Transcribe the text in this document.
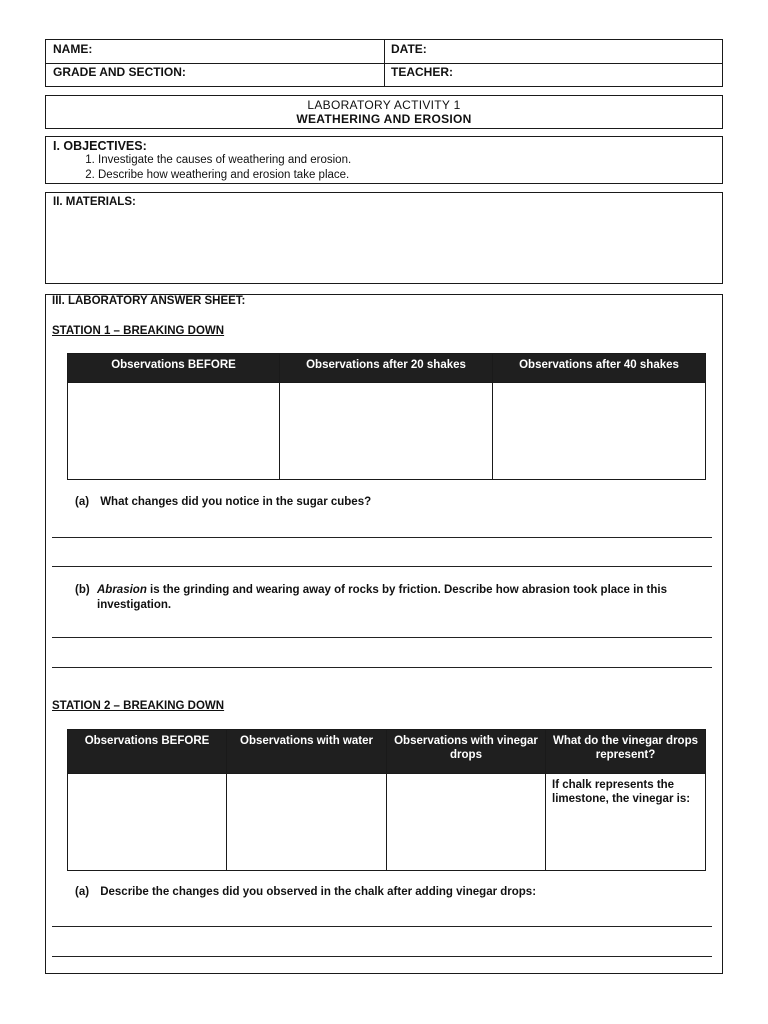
NAME:	DATE:
GRADE AND SECTION:	TEACHER:
LABORATORY ACTIVITY 1
WEATHERING AND EROSION
I. OBJECTIVES:
1. Investigate the causes of weathering and erosion.
2. Describe how weathering and erosion take place.
II. MATERIALS:
III. LABORATORY ANSWER SHEET:
STATION 1 – BREAKING DOWN
Observations BEFORE	Observations after 20 shakes	Observations after 40 shakes

(a) What changes did you notice in the sugar cubes?
(b) Abrasion is the grinding and wearing away of rocks by friction. Describe how abrasion took place in this investigation.
STATION 2 – BREAKING DOWN
Observations BEFORE	Observations with water	Observations with vinegar drops	What do the vinegar drops represent?
			If chalk represents the limestone, the vinegar is:
(a) Describe the changes did you observed in the chalk after adding vinegar drops:
